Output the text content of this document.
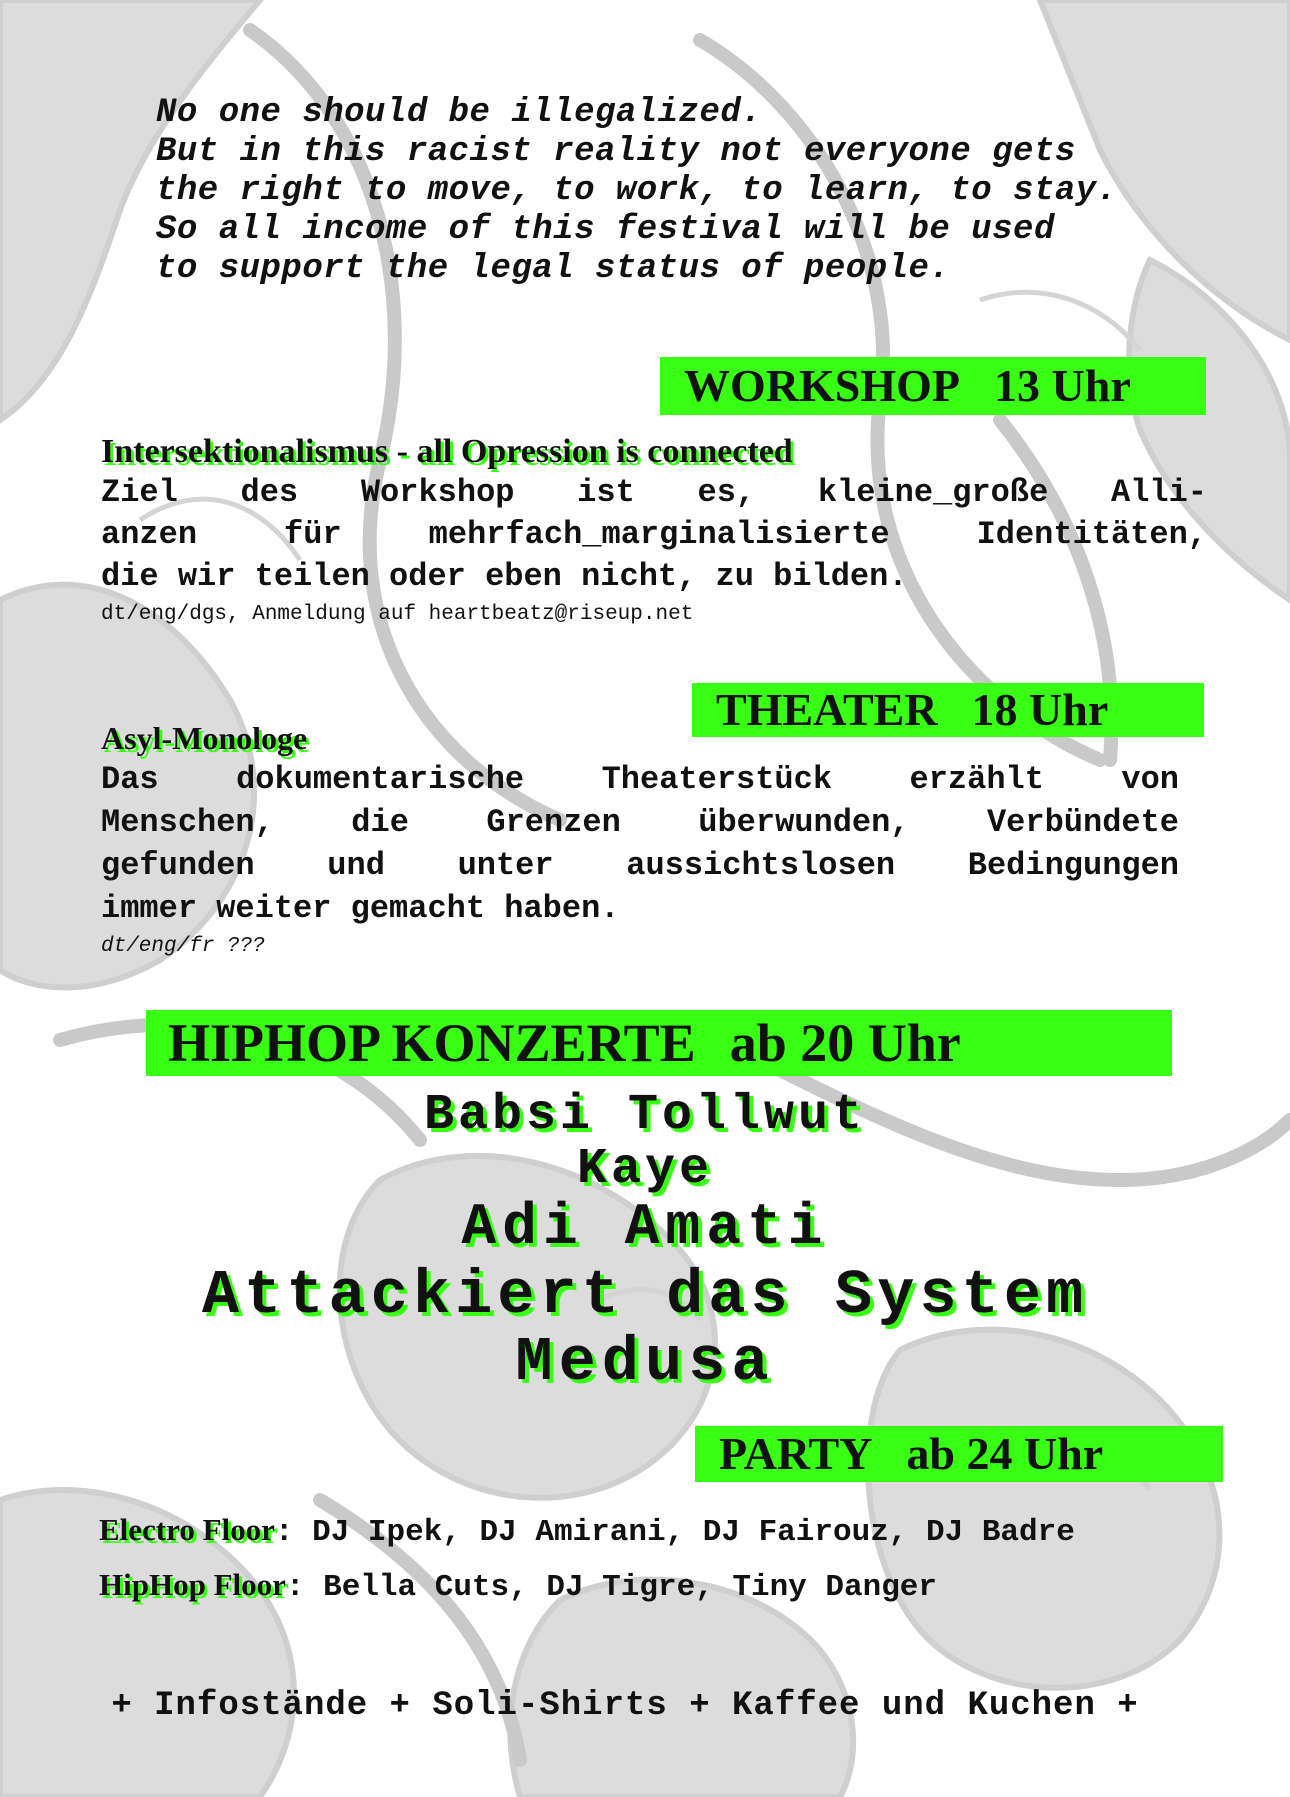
No one should be illegalized.
But in this racist reality not everyone gets
the right to move, to work, to learn, to stay.
So all income of this festival will be used
to support the legal status of people.
WORKSHOP 13 Uhr
Intersektionalismus - all Opression is connected
Ziel des Workshop ist es, kleine_große Alli-
anzen für mehrfach_marginalisierte Identitäten,
die wir teilen oder eben nicht, zu bilden.
dt/eng/dgs, Anmeldung auf heartbeatz@riseup.net
THEATER 18 Uhr
Asyl-Monologe
Das dokumentarische Theaterstück erzählt von
Menschen, die Grenzen überwunden, Verbündete
gefunden und unter aussichtslosen Bedingungen
immer weiter gemacht haben.
dt/eng/fr ???
HIPHOP KONZERTE ab 20 Uhr
Babsi Tollwut
Kaye
Adi Amati
Attackiert das System
Medusa
PARTY ab 24 Uhr
Electro Floor: DJ Ipek, DJ Amirani, DJ Fairouz, DJ Badre
HipHop Floor: Bella Cuts, DJ Tigre, Tiny Danger
+ Infostände + Soli-Shirts + Kaffee und Kuchen +
